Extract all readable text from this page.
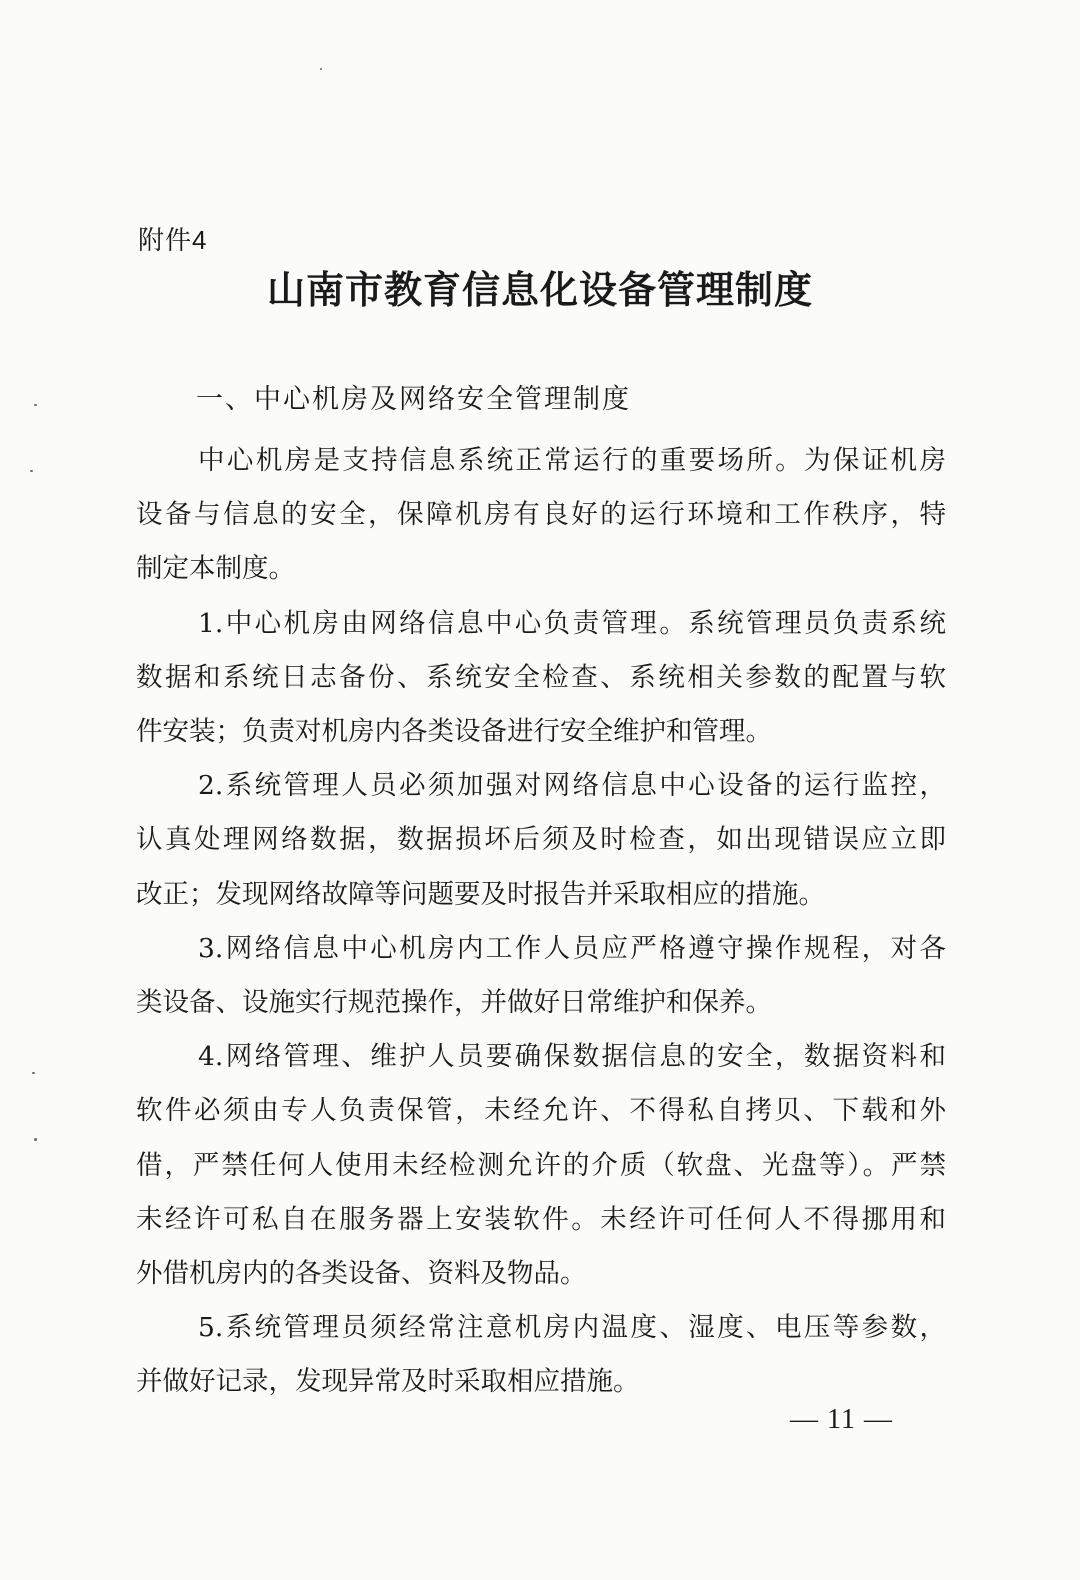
附件4
山南市教育信息化设备管理制度
一、中心机房及网络安全管理制度
中心机房是支持信息系统正常运行的重要场所。为保证机房
设备与信息的安全，保障机房有良好的运行环境和工作秩序，特
制定本制度。
1.中心机房由网络信息中心负责管理。系统管理员负责系统
数据和系统日志备份、系统安全检查、系统相关参数的配置与软
件安装；负责对机房内各类设备进行安全维护和管理。
2.系统管理人员必须加强对网络信息中心设备的运行监控，
认真处理网络数据，数据损坏后须及时检查，如出现错误应立即
改正；发现网络故障等问题要及时报告并采取相应的措施。
3.网络信息中心机房内工作人员应严格遵守操作规程，对各
类设备、设施实行规范操作，并做好日常维护和保养。
4.网络管理、维护人员要确保数据信息的安全，数据资料和
软件必须由专人负责保管，未经允许、不得私自拷贝、下载和外
借，严禁任何人使用未经检测允许的介质（软盘、光盘等）。严禁
未经许可私自在服务器上安装软件。未经许可任何人不得挪用和
外借机房内的各类设备、资料及物品。
5.系统管理员须经常注意机房内温度、湿度、电压等参数，
并做好记录，发现异常及时采取相应措施。
— 11 —
